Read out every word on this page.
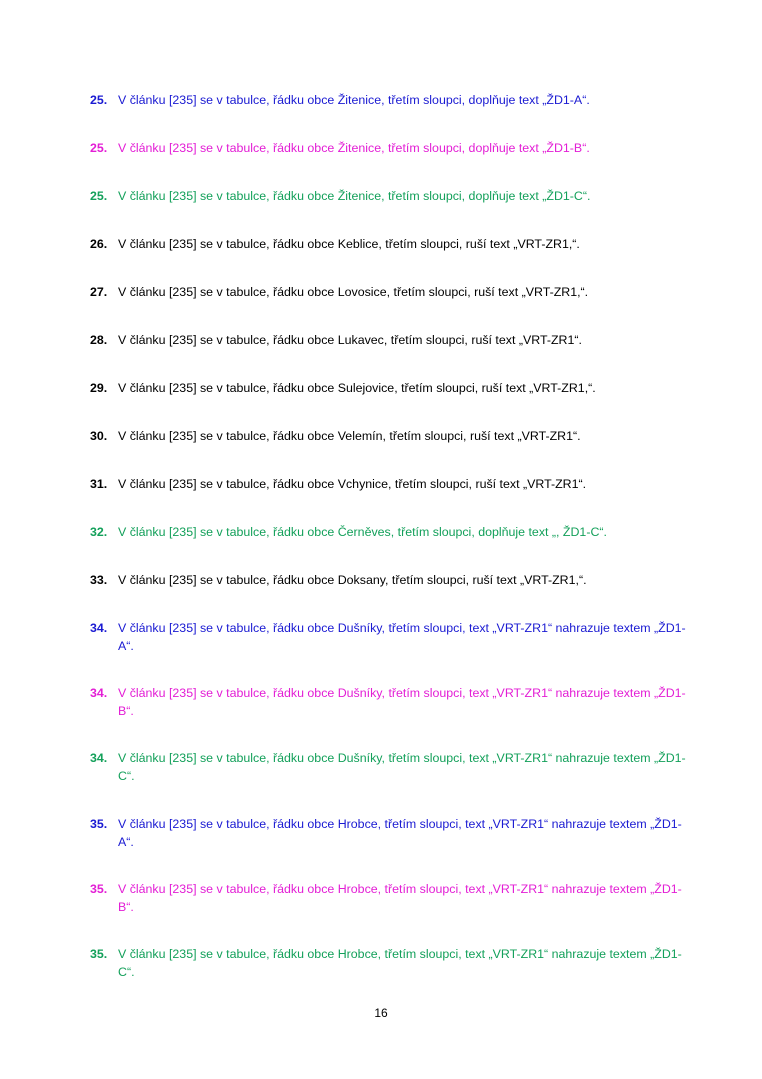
25. V článku [235] se v tabulce, řádku obce Žitenice, třetím sloupci, doplňuje text „ŽD1-A“.
25. V článku [235] se v tabulce, řádku obce Žitenice, třetím sloupci, doplňuje text „ŽD1-B“.
25. V článku [235] se v tabulce, řádku obce Žitenice, třetím sloupci, doplňuje text „ŽD1-C“.
26. V článku [235] se v tabulce, řádku obce Keblice, třetím sloupci, ruší text „VRT-ZR1,“.
27. V článku [235] se v tabulce, řádku obce Lovosice, třetím sloupci, ruší text „VRT-ZR1,“.
28. V článku [235] se v tabulce, řádku obce Lukavec, třetím sloupci, ruší text „VRT-ZR1“.
29. V článku [235] se v tabulce, řádku obce Sulejovice, třetím sloupci, ruší text „VRT-ZR1,“.
30. V článku [235] se v tabulce, řádku obce Velemín, třetím sloupci, ruší text „VRT-ZR1“.
31. V článku [235] se v tabulce, řádku obce Vchynice, třetím sloupci, ruší text „VRT-ZR1“.
32. V článku [235] se v tabulce, řádku obce Černěves, třetím sloupci, doplňuje text „, ŽD1-C“.
33. V článku [235] se v tabulce, řádku obce Doksany, třetím sloupci, ruší text „VRT-ZR1,“.
34. V článku [235] se v tabulce, řádku obce Dušníky, třetím sloupci, text „VRT-ZR1“ nahrazuje textem „ŽD1-A“.
34. V článku [235] se v tabulce, řádku obce Dušníky, třetím sloupci, text „VRT-ZR1“ nahrazuje textem „ŽD1-B“.
34. V článku [235] se v tabulce, řádku obce Dušníky, třetím sloupci, text „VRT-ZR1“ nahrazuje textem „ŽD1-C“.
35. V článku [235] se v tabulce, řádku obce Hrobce, třetím sloupci, text „VRT-ZR1“ nahrazuje textem „ŽD1-A“.
35. V článku [235] se v tabulce, řádku obce Hrobce, třetím sloupci, text „VRT-ZR1“ nahrazuje textem „ŽD1-B“.
35. V článku [235] se v tabulce, řádku obce Hrobce, třetím sloupci, text „VRT-ZR1“ nahrazuje textem „ŽD1-C“.
16
